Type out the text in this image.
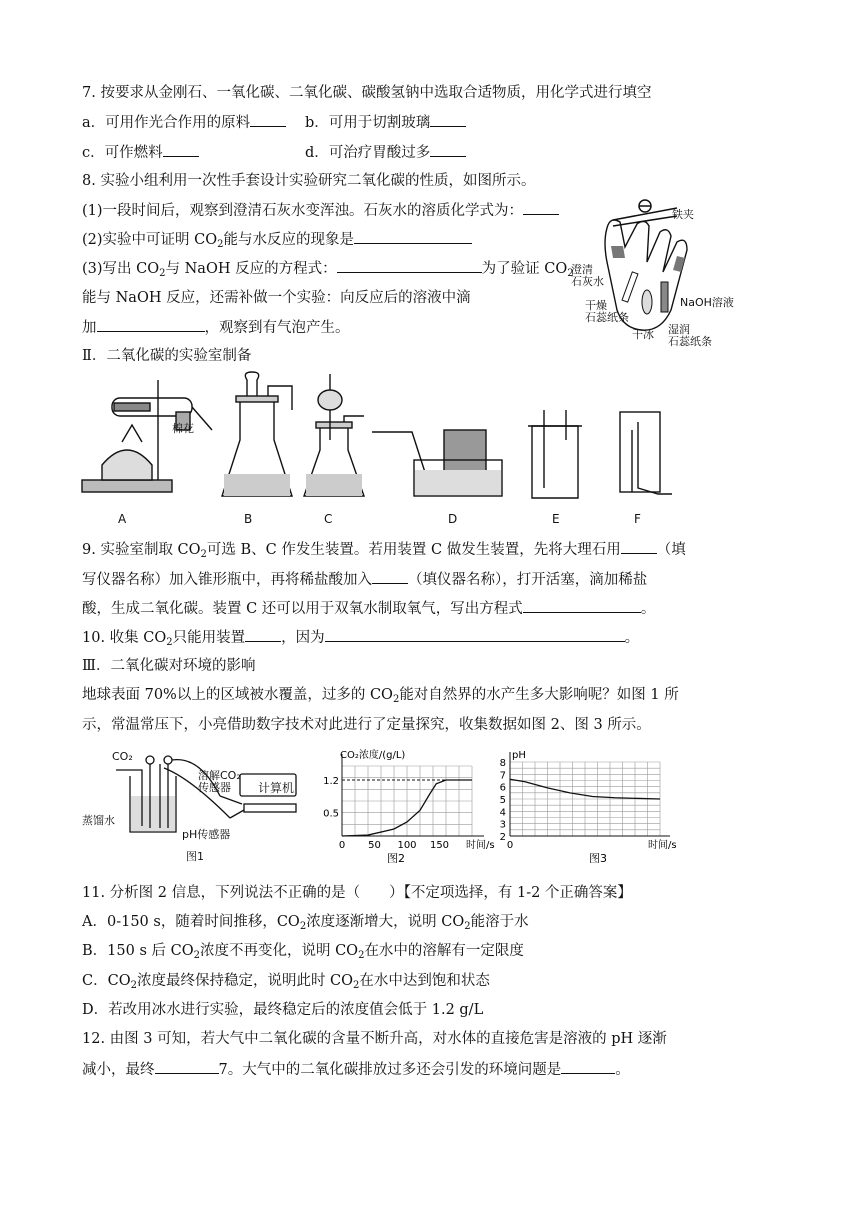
7. 按要求从金刚石、一氧化碳、二氧化碳、碳酸氢钠中选取合适物质，用化学式进行填空
a．可用作光合作用的原料	b．可用于切割玻璃
c．可作燃料	d．可治疗胃酸过多
8. 实验小组利用一次性手套设计实验研究二氧化碳的性质，如图所示。
(1)一段时间后，观察到澄清石灰水变浑浊。石灰水的溶质化学式为：
(2)实验中可证明 $CO_2$能与水反应的现象是
(3)写出 $CO_2$与 NaOH 反应的方程式：	为了验证 $CO_2$
能与 NaOH 反应，还需补做一个实验：向反应后的溶液中滴
加	，观察到有气泡产生。
铁夹
澄清
石灰水
NaOH溶液
干燥
石蕊纸条
干冰 湿润
石蕊纸条
Ⅱ．二氧化碳的实验室制备
棉花
A	B	C	D	E	F
9. 实验室制取 $CO_2$可选 B、C 作发生装置。若用装置 C 做发生装置，先将大理石用 （填
写仪器名称）加入锥形瓶中，再将稀盐酸加入 （填仪器名称），打开活塞，滴加稀盐
酸，生成二氧化碳。装置 C 还可以用于双氧水制取氧气，写出方程式	。
10. 收集 $CO_2$只能用装置 ，因为	。
Ⅲ．二氧化碳对环境的影响
地球表面 70%以上的区域被水覆盖，过多的 $CO_2$能对自然界的水产生多大影响呢？如图 1 所
示，常温常压下，小亮借助数字技术对此进行了定量探究，收集数据如图 2、图 3 所示。
CO₂
蒸馏水
溶解CO₂
传感器
pH传感器
计算机
图1
0 50 100 150
0.5
1.2
CO₂浓度/(g/L)
时间/s
图2
2
3
4
5
6
7
8
0
pH
时间/s
图3
11. 分析图 2 信息，下列说法不正确的是（　　）【不定项选择，有 1-2 个正确答案】
A．0-150 s，随着时间推移，$CO_2$浓度逐渐增大，说明 $CO_2$能溶于水
B．150 s 后 $CO_2$浓度不再变化，说明 $CO_2$在水中的溶解有一定限度
C．$CO_2$浓度最终保持稳定，说明此时 $CO_2$在水中达到饱和状态
D．若改用冰水进行实验，最终稳定后的浓度值会低于 1.2 g/L
12. 由图 3 可知，若大气中二氧化碳的含量不断升高，对水体的直接危害是溶液的 pH 逐渐
减小，最终	7。大气中的二氧化碳排放过多还会引发的环境问题是	。
